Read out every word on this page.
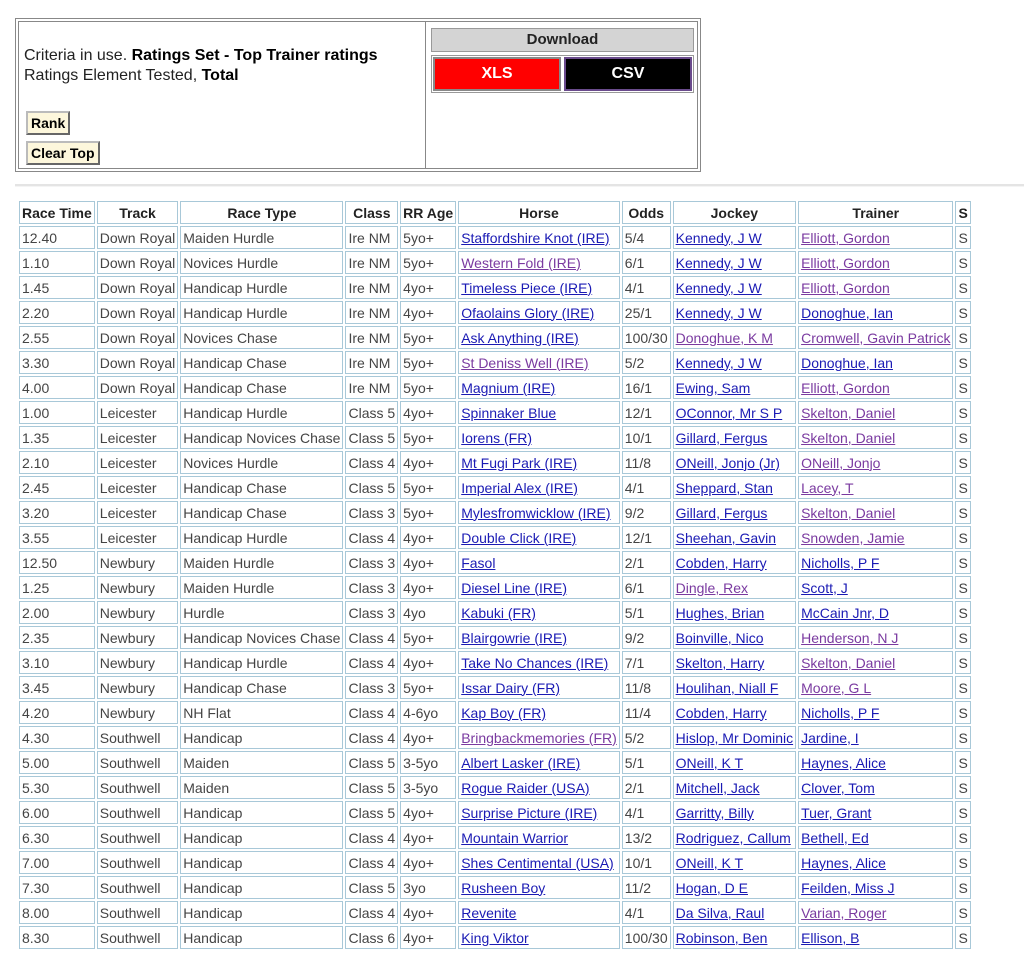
Criteria in use. Ratings Set - Top Trainer ratings
Ratings Element Tested, Total
Rank
Clear Top
Download
XLS	CSV
Race Time	Track	Race Type	Class	RR Age	Horse	Odds	Jockey	Trainer	S
12.40	Down Royal	Maiden Hurdle	Ire NM	5yo+	Staffordshire Knot (IRE)	5/4	Kennedy, J W	Elliott, Gordon	S
1.10	Down Royal	Novices Hurdle	Ire NM	5yo+	Western Fold (IRE)	6/1	Kennedy, J W	Elliott, Gordon	S
1.45	Down Royal	Handicap Hurdle	Ire NM	4yo+	Timeless Piece (IRE)	4/1	Kennedy, J W	Elliott, Gordon	S
2.20	Down Royal	Handicap Hurdle	Ire NM	4yo+	Ofaolains Glory (IRE)	25/1	Kennedy, J W	Donoghue, Ian	S
2.55	Down Royal	Novices Chase	Ire NM	5yo+	Ask Anything (IRE)	100/30	Donoghue, K M	Cromwell, Gavin Patrick	S
3.30	Down Royal	Handicap Chase	Ire NM	5yo+	St Deniss Well (IRE)	5/2	Kennedy, J W	Donoghue, Ian	S
4.00	Down Royal	Handicap Chase	Ire NM	5yo+	Magnium (IRE)	16/1	Ewing, Sam	Elliott, Gordon	S
1.00	Leicester	Handicap Hurdle	Class 5	4yo+	Spinnaker Blue	12/1	OConnor, Mr S P	Skelton, Daniel	S
1.35	Leicester	Handicap Novices Chase	Class 5	5yo+	Iorens (FR)	10/1	Gillard, Fergus	Skelton, Daniel	S
2.10	Leicester	Novices Hurdle	Class 4	4yo+	Mt Fugi Park (IRE)	11/8	ONeill, Jonjo (Jr)	ONeill, Jonjo	S
2.45	Leicester	Handicap Chase	Class 5	5yo+	Imperial Alex (IRE)	4/1	Sheppard, Stan	Lacey, T	S
3.20	Leicester	Handicap Chase	Class 3	5yo+	Mylesfromwicklow (IRE)	9/2	Gillard, Fergus	Skelton, Daniel	S
3.55	Leicester	Handicap Hurdle	Class 4	4yo+	Double Click (IRE)	12/1	Sheehan, Gavin	Snowden, Jamie	S
12.50	Newbury	Maiden Hurdle	Class 3	4yo+	Fasol	2/1	Cobden, Harry	Nicholls, P F	S
1.25	Newbury	Maiden Hurdle	Class 3	4yo+	Diesel Line (IRE)	6/1	Dingle, Rex	Scott, J	S
2.00	Newbury	Hurdle	Class 3	4yo	Kabuki (FR)	5/1	Hughes, Brian	McCain Jnr, D	S
2.35	Newbury	Handicap Novices Chase	Class 4	5yo+	Blairgowrie (IRE)	9/2	Boinville, Nico	Henderson, N J	S
3.10	Newbury	Handicap Hurdle	Class 4	4yo+	Take No Chances (IRE)	7/1	Skelton, Harry	Skelton, Daniel	S
3.45	Newbury	Handicap Chase	Class 3	5yo+	Issar Dairy (FR)	11/8	Houlihan, Niall F	Moore, G L	S
4.20	Newbury	NH Flat	Class 4	4-6yo	Kap Boy (FR)	11/4	Cobden, Harry	Nicholls, P F	S
4.30	Southwell	Handicap	Class 4	4yo+	Bringbackmemories (FR)	5/2	Hislop, Mr Dominic	Jardine, I	S
5.00	Southwell	Maiden	Class 5	3-5yo	Albert Lasker (IRE)	5/1	ONeill, K T	Haynes, Alice	S
5.30	Southwell	Maiden	Class 5	3-5yo	Rogue Raider (USA)	2/1	Mitchell, Jack	Clover, Tom	S
6.00	Southwell	Handicap	Class 5	4yo+	Surprise Picture (IRE)	4/1	Garritty, Billy	Tuer, Grant	S
6.30	Southwell	Handicap	Class 4	4yo+	Mountain Warrior	13/2	Rodriguez, Callum	Bethell, Ed	S
7.00	Southwell	Handicap	Class 4	4yo+	Shes Centimental (USA)	10/1	ONeill, K T	Haynes, Alice	S
7.30	Southwell	Handicap	Class 5	3yo	Rusheen Boy	11/2	Hogan, D E	Feilden, Miss J	S
8.00	Southwell	Handicap	Class 4	4yo+	Revenite	4/1	Da Silva, Raul	Varian, Roger	S
8.30	Southwell	Handicap	Class 6	4yo+	King Viktor	100/30	Robinson, Ben	Ellison, B	S
